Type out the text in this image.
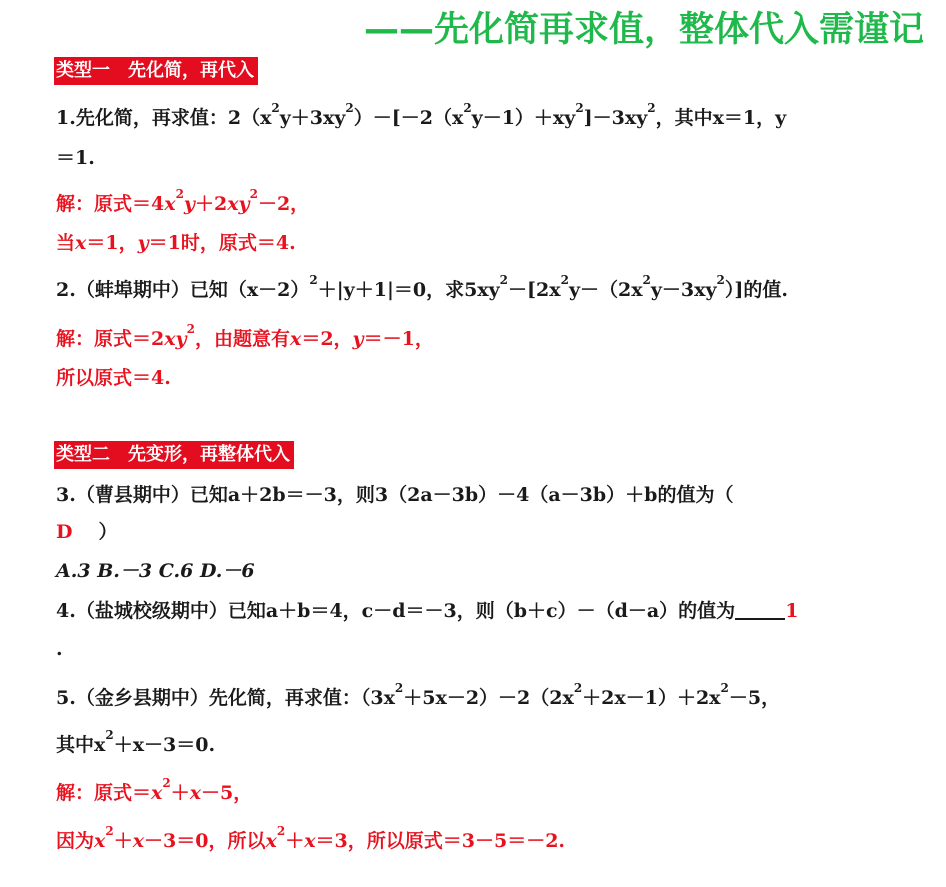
——先化简再求值，整体代入需谨记
类型一　先化简，再代入
1.先化简，再求值：$2(x^2y+3xy^2)-[-2(x^2y-1)+xy^2]-3xy^2$，其中x＝1，y
＝1.
解：原式$=4x^2y+2xy^2-2$，
当x＝1，y＝1时，原式＝4.
2.（蚌埠期中）已知$(x-2)^2+|y+1|=0$，求$5xy^2-[2x^2y-(2x^2y-3xy^2)]$的值.
解：原式$=2xy^2$，由题意有x＝2，y＝－1，
所以原式＝4.
类型二　先变形，再整体代入
3.（曹县期中）已知a＋2b＝－3，则3（2a－3b）－4（a－3b）＋b的值为（
D ）
A.3 B.－3 C.6 D.－6
4.（盐城校级期中）已知a＋b＝4，c－d＝－3，则（b＋c）－（d－a）的值为	1
.
5.（金乡县期中）先化简，再求值：$(3x^2+5x-2)-2(2x^2+2x-1)+2x^2-5$，
其中$x^2+x-3=0$.
解：原式$=x^2+x-5$，
因为$x^2+x-3=0$，所以$x^2+x=3$，所以原式＝3－5＝－2.
